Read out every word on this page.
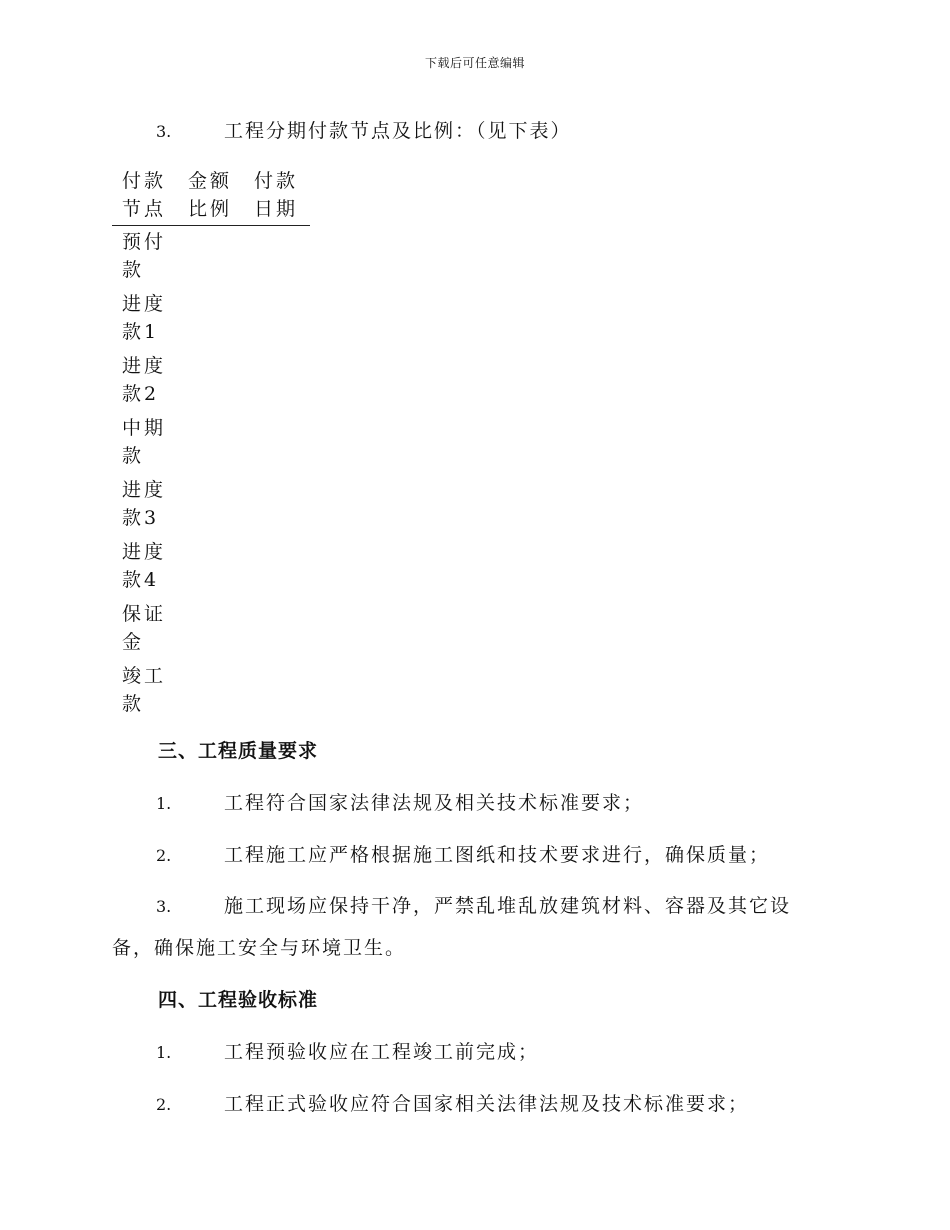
下载后可任意编辑
3.	工程分期付款节点及比例：（见下表）
付款节点	金额比例	付款日期

预付款		

进度款1		

进度款2		

中期款		

进度款3		

进度款4		

保证金		

竣工款		

三、工程质量要求
1.	工程符合国家法律法规及相关技术标准要求；
2.	工程施工应严格根据施工图纸和技术要求进行，确保质量；
3.	施工现场应保持干净，严禁乱堆乱放建筑材料、容器及其它设
备，确保施工安全与环境卫生。
四、工程验收标准
1.	工程预验收应在工程竣工前完成；
2.	工程正式验收应符合国家相关法律法规及技术标准要求；
